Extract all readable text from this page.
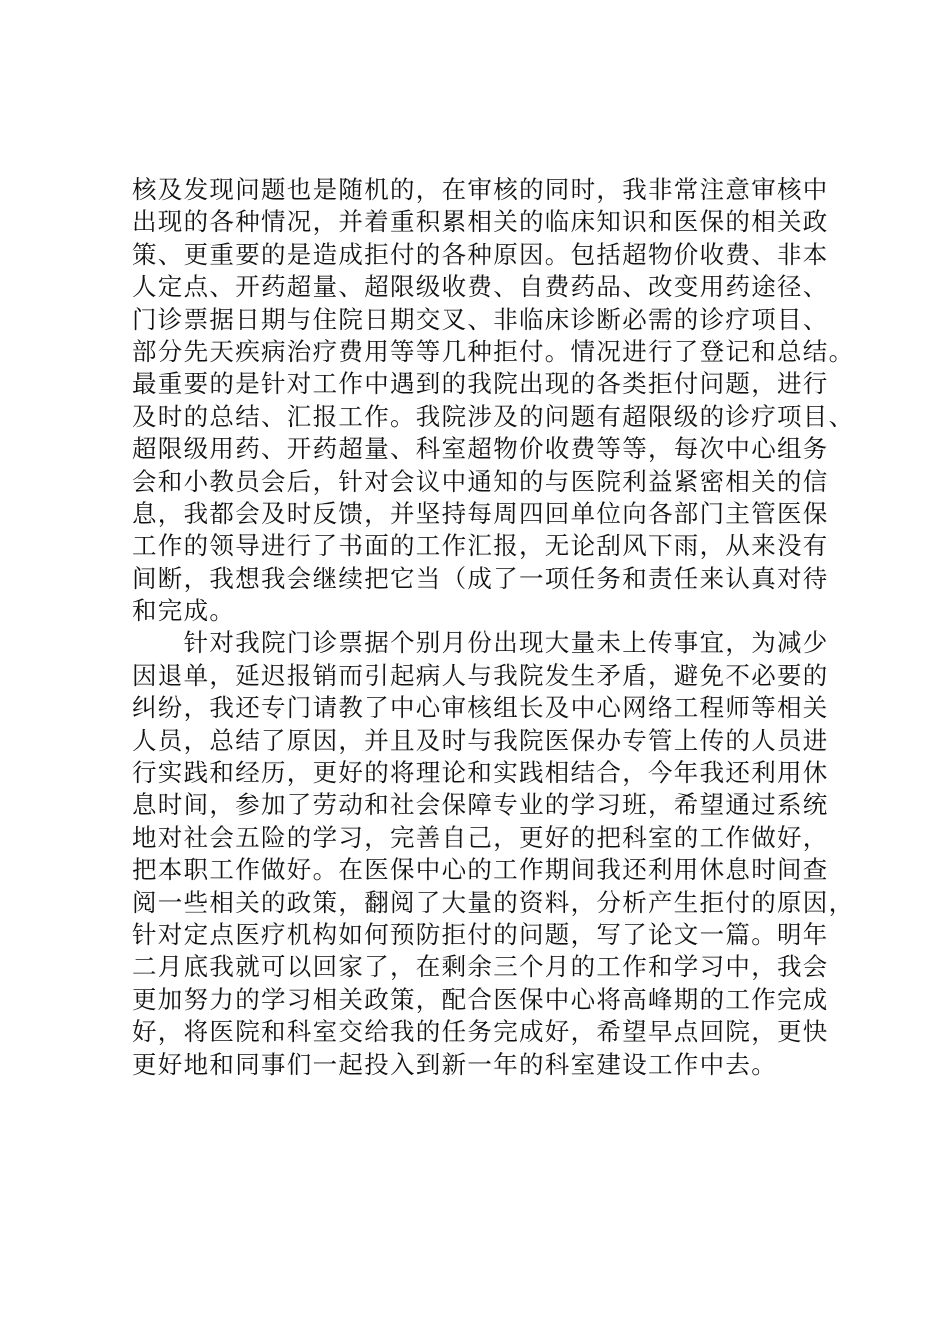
核及发现问题也是随机的，在审核的同时，我非常注意审核中
出现的各种情况，并着重积累相关的临床知识和医保的相关政
策、更重要的是造成拒付的各种原因。包括超物价收费、非本
人定点、开药超量、超限级收费、自费药品、改变用药途径、
门诊票据日期与住院日期交叉、非临床诊断必需的诊疗项目、
部分先天疾病治疗费用等等几种拒付。情况进行了登记和总结。
最重要的是针对工作中遇到的我院出现的各类拒付问题，进行
及时的总结、汇报工作。我院涉及的问题有超限级的诊疗项目、
超限级用药、开药超量、科室超物价收费等等，每次中心组务
会和小教员会后，针对会议中通知的与医院利益紧密相关的信
息，我都会及时反馈，并坚持每周四回单位向各部门主管医保
工作的领导进行了书面的工作汇报，无论刮风下雨，从来没有
间断，我想我会继续把它当（成了一项任务和责任来认真对待
和完成。
　　针对我院门诊票据个别月份出现大量未上传事宜，为减少
因退单，延迟报销而引起病人与我院发生矛盾，避免不必要的
纠纷，我还专门请教了中心审核组长及中心网络工程师等相关
人员，总结了原因，并且及时与我院医保办专管上传的人员进
行实践和经历，更好的将理论和实践相结合，今年我还利用休
息时间，参加了劳动和社会保障专业的学习班，希望通过系统
地对社会五险的学习，完善自己，更好的把科室的工作做好，
把本职工作做好。在医保中心的工作期间我还利用休息时间查
阅一些相关的政策，翻阅了大量的资料，分析产生拒付的原因，
针对定点医疗机构如何预防拒付的问题，写了论文一篇。明年
二月底我就可以回家了，在剩余三个月的工作和学习中，我会
更加努力的学习相关政策，配合医保中心将高峰期的工作完成
好，将医院和科室交给我的任务完成好，希望早点回院，更快
更好地和同事们一起投入到新一年的科室建设工作中去。
